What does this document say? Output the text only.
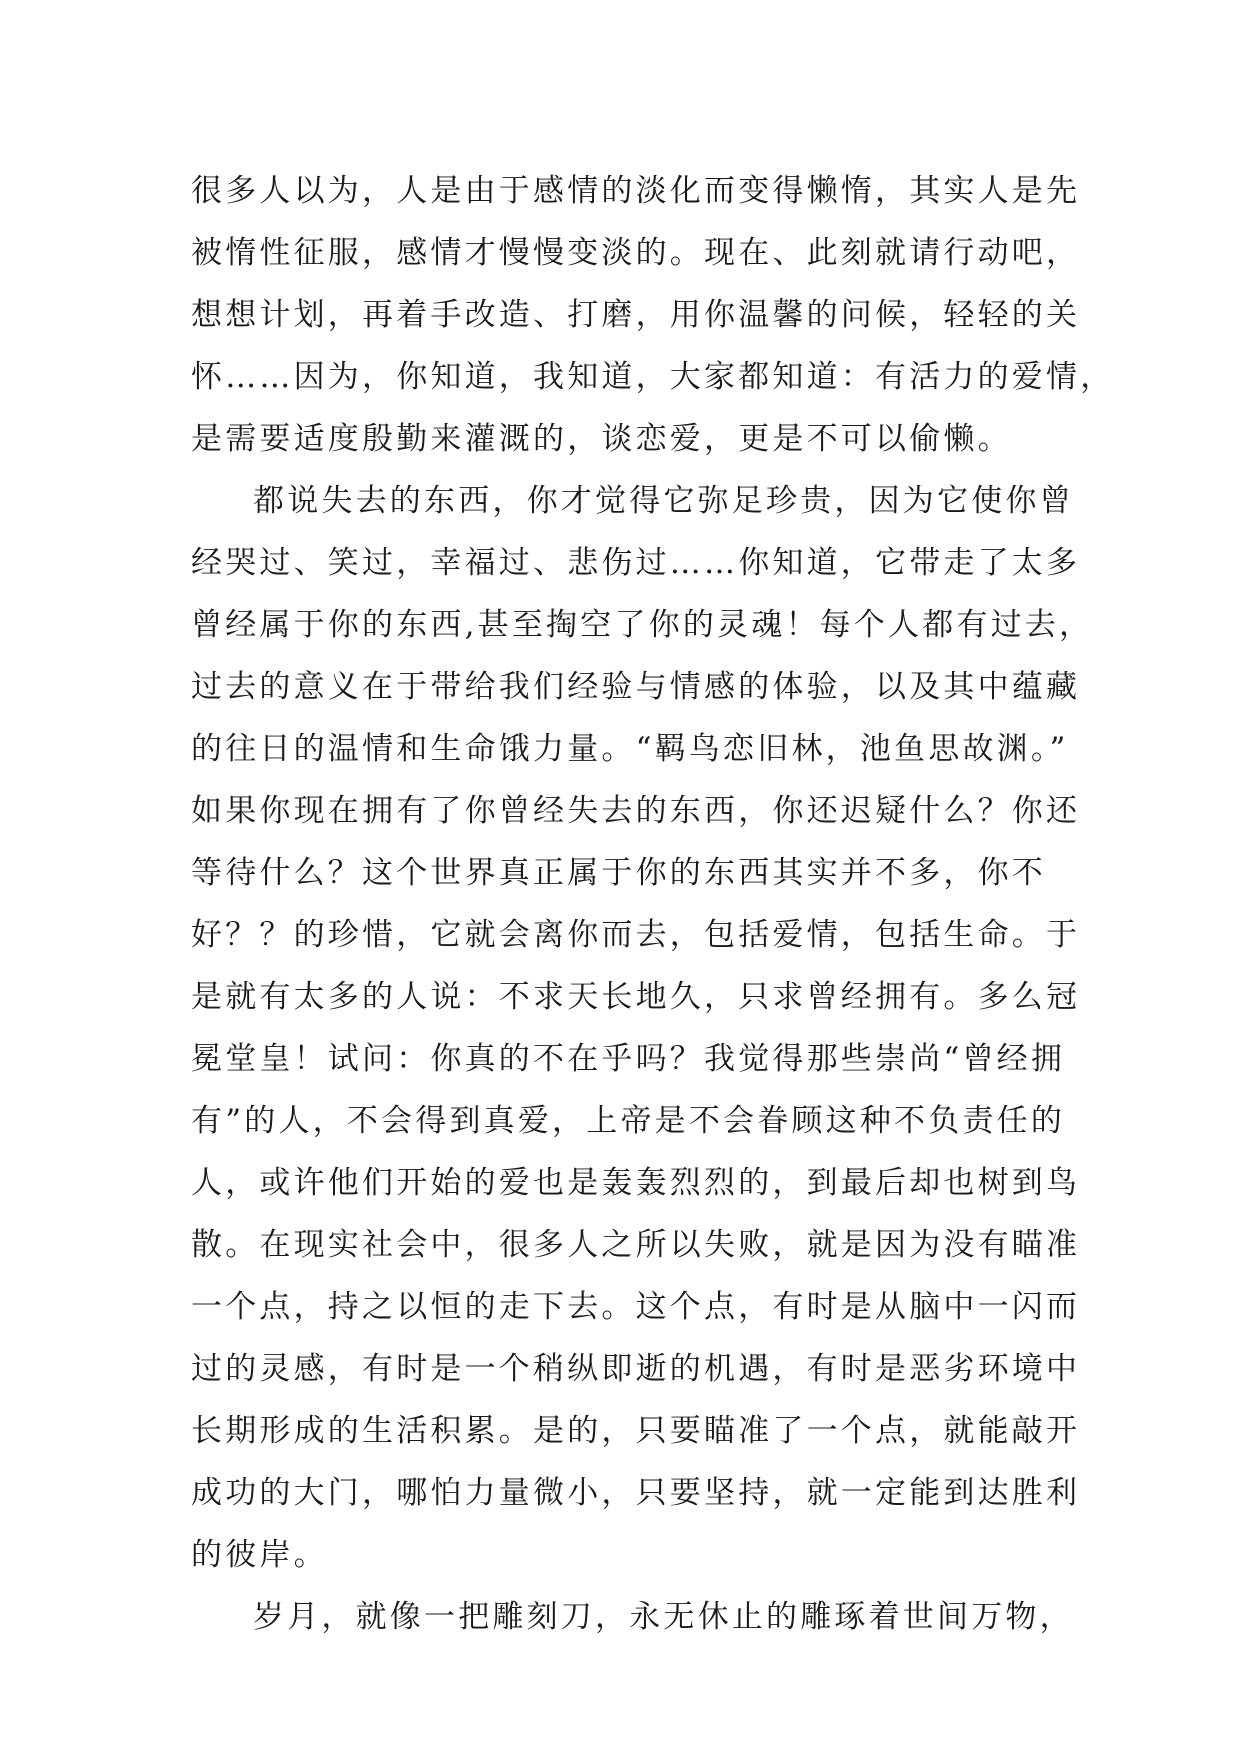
很多人以为，人是由于感情的淡化而变得懒惰，其实人是先
被惰性征服，感情才慢慢变淡的。现在、此刻就请行动吧，
想想计划，再着手改造、打磨，用你温馨的问候，轻轻的关
怀……因为，你知道，我知道，大家都知道：有活力的爱情，
是需要适度殷勤来灌溉的，谈恋爱，更是不可以偷懒。
都说失去的东西，你才觉得它弥足珍贵，因为它使你曾
经哭过、笑过，幸福过、悲伤过……你知道，它带走了太多
曾经属于你的东西,甚至掏空了你的灵魂！每个人都有过去，
过去的意义在于带给我们经验与情感的体验，以及其中蕴藏
的往日的温情和生命饿力量。“羁鸟恋旧林，池鱼思故渊。”
如果你现在拥有了你曾经失去的东西，你还迟疑什么？你还
等待什么？这个世界真正属于你的东西其实并不多，你不
好？？的珍惜，它就会离你而去，包括爱情，包括生命。于
是就有太多的人说：不求天长地久，只求曾经拥有。多么冠
冕堂皇！试问：你真的不在乎吗？我觉得那些崇尚“曾经拥
有”的人，不会得到真爱，上帝是不会眷顾这种不负责任的
人，或许他们开始的爱也是轰轰烈烈的，到最后却也树到鸟
散。在现实社会中，很多人之所以失败，就是因为没有瞄准
一个点，持之以恒的走下去。这个点，有时是从脑中一闪而
过的灵感，有时是一个稍纵即逝的机遇，有时是恶劣环境中
长期形成的生活积累。是的，只要瞄准了一个点，就能敲开
成功的大门，哪怕力量微小，只要坚持，就一定能到达胜利
的彼岸。
岁月，就像一把雕刻刀，永无休止的雕琢着世间万物，
